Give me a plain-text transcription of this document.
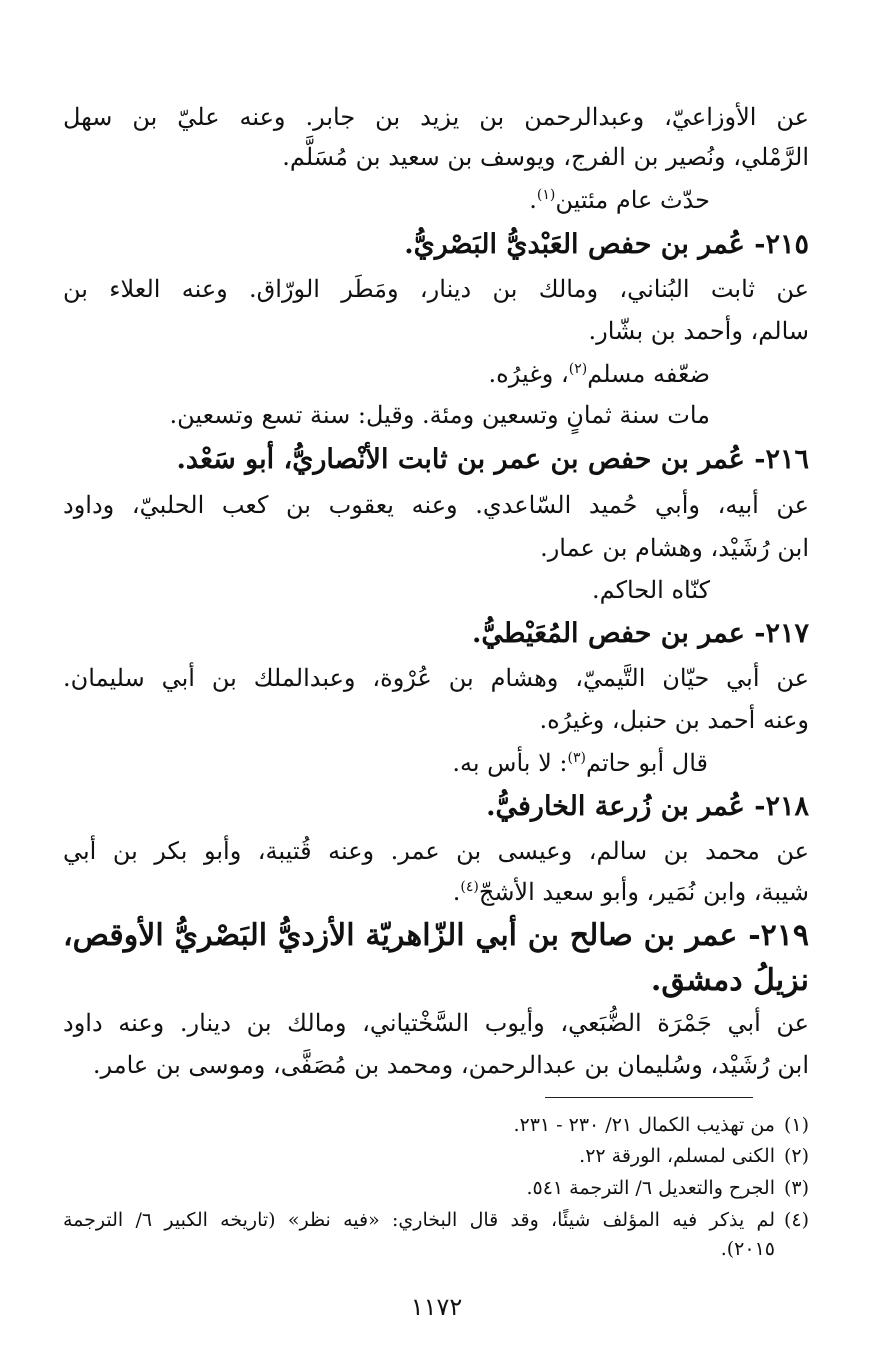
عن الأوزاعيّ، وعبدالرحمن بن يزيد بن جابر. وعنه عليّ بن سهل
الرَّمْلي، ونُصير بن الفرج، ويوسف بن سعيد بن مُسَلَّم.
حدّث عام مئتين$^{(١)}$.
٢١٥- عُمر بن حفص العَبْديُّ البَصْريُّ.
عن ثابت البُناني، ومالك بن دينار، ومَطَر الورّاق. وعنه العلاء بن
سالم، وأحمد بن بشّار.
ضعّفه مسلم$^{(٢)}$، وغيرُه.
مات سنة ثمانٍ وتسعين ومئة. وقيل: سنة تسع وتسعين.
٢١٦- عُمر بن حفص بن عمر بن ثابت الأنْصاريُّ، أبو سَعْد.
عن أبيه، وأبي حُميد السّاعدي. وعنه يعقوب بن كعب الحلبيّ، وداود
ابن رُشَيْد، وهشام بن عمار.
كنّاه الحاكم.
٢١٧- عمر بن حفص المُعَيْطيُّ.
عن أبي حيّان التَّيميّ، وهشام بن عُرْوة، وعبدالملك بن أبي سليمان.
وعنه أحمد بن حنبل، وغيرُه.
قال أبو حاتم$^{(٣)}$: لا بأس به.
٢١٨- عُمر بن زُرعة الخارفيُّ.
عن محمد بن سالم، وعيسى بن عمر. وعنه قُتيبة، وأبو بكر بن أبي
شيبة، وابن نُمَير، وأبو سعيد الأشجّ$^{(٤)}$.
٢١٩- عمر بن صالح بن أبي الزّاهريّة الأزديُّ البَصْريُّ الأوقص،
نزيلُ دمشق.
عن أبي جَمْرَة الضُّبَعي، وأيوب السَّخْتياني، ومالك بن دينار. وعنه داود
ابن رُشَيْد، وسُليمان بن عبدالرحمن، ومحمد بن مُصَفَّى، وموسى بن عامر.
(١)
من تهذيب الكمال ٢١/ ٢٣٠ - ٢٣١.
(٢)
الكنى لمسلم، الورقة ٢٢.
(٣)
الجرح والتعديل ٦/ الترجمة ٥٤١.
(٤)
لم يذكر فيه المؤلف شيئًا، وقد قال البخاري: «فيه نظر» (تاريخه الكبير ٦/ الترجمة
٢٠١٥).
١١٧٢
